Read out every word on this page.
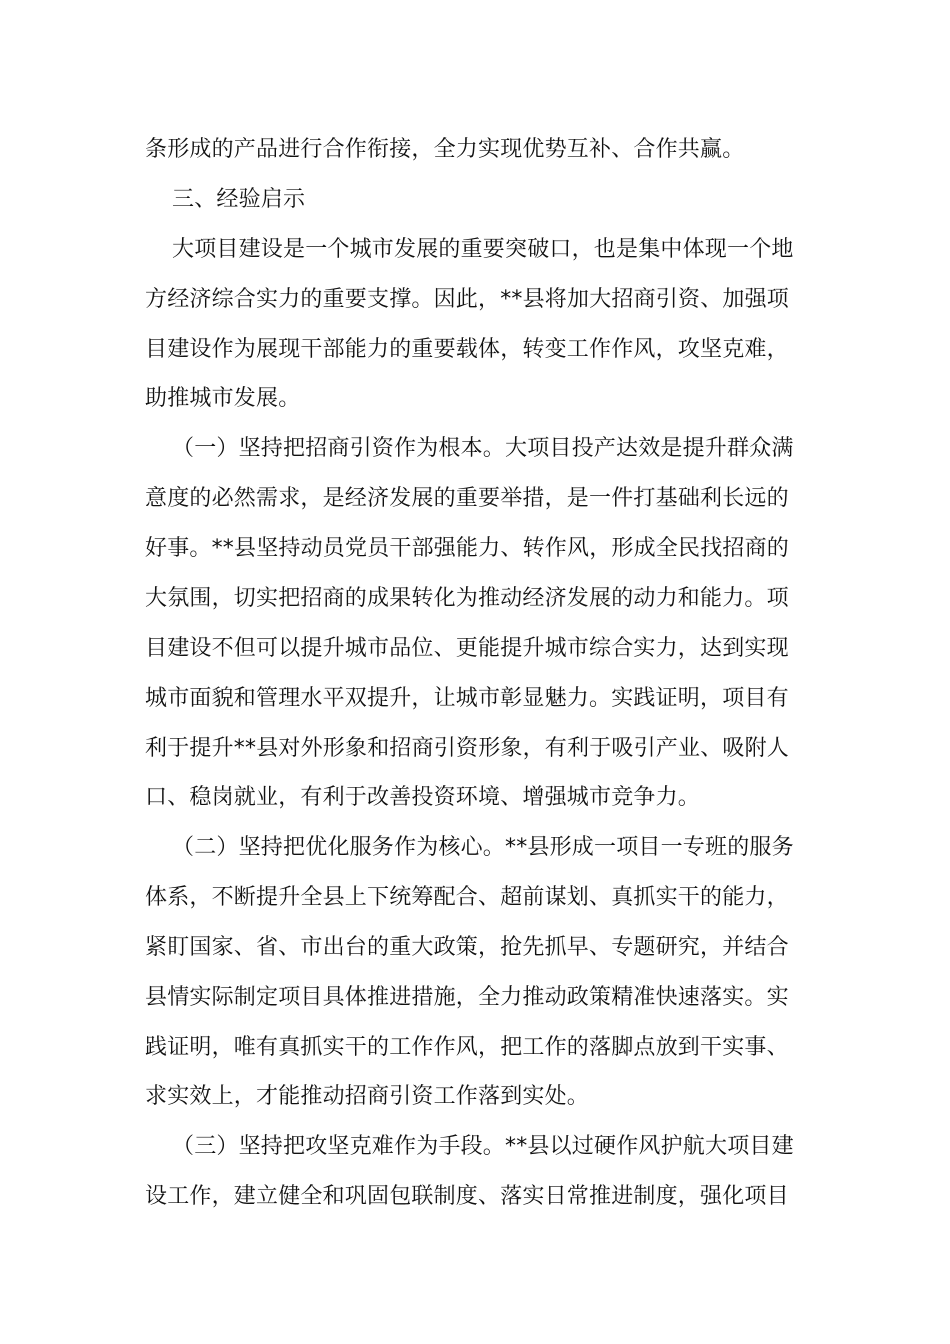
条形成的产品进行合作衔接，全力实现优势互补、合作共赢。
三、经验启示
大项目建设是一个城市发展的重要突破口，也是集中体现一个地
方经济综合实力的重要支撑。因此，**县将加大招商引资、加强项
目建设作为展现干部能力的重要载体，转变工作作风，攻坚克难，
助推城市发展。
（一）坚持把招商引资作为根本。大项目投产达效是提升群众满
意度的必然需求，是经济发展的重要举措，是一件打基础利长远的
好事。**县坚持动员党员干部强能力、转作风，形成全民找招商的
大氛围，切实把招商的成果转化为推动经济发展的动力和能力。项
目建设不但可以提升城市品位、更能提升城市综合实力，达到实现
城市面貌和管理水平双提升，让城市彰显魅力。实践证明，项目有
利于提升**县对外形象和招商引资形象，有利于吸引产业、吸附人
口、稳岗就业，有利于改善投资环境、增强城市竞争力。
（二）坚持把优化服务作为核心。**县形成一项目一专班的服务
体系，不断提升全县上下统筹配合、超前谋划、真抓实干的能力，
紧盯国家、省、市出台的重大政策，抢先抓早、专题研究，并结合
县情实际制定项目具体推进措施，全力推动政策精准快速落实。实
践证明，唯有真抓实干的工作作风，把工作的落脚点放到干实事、
求实效上，才能推动招商引资工作落到实处。
（三）坚持把攻坚克难作为手段。**县以过硬作风护航大项目建
设工作，建立健全和巩固包联制度、落实日常推进制度，强化项目
